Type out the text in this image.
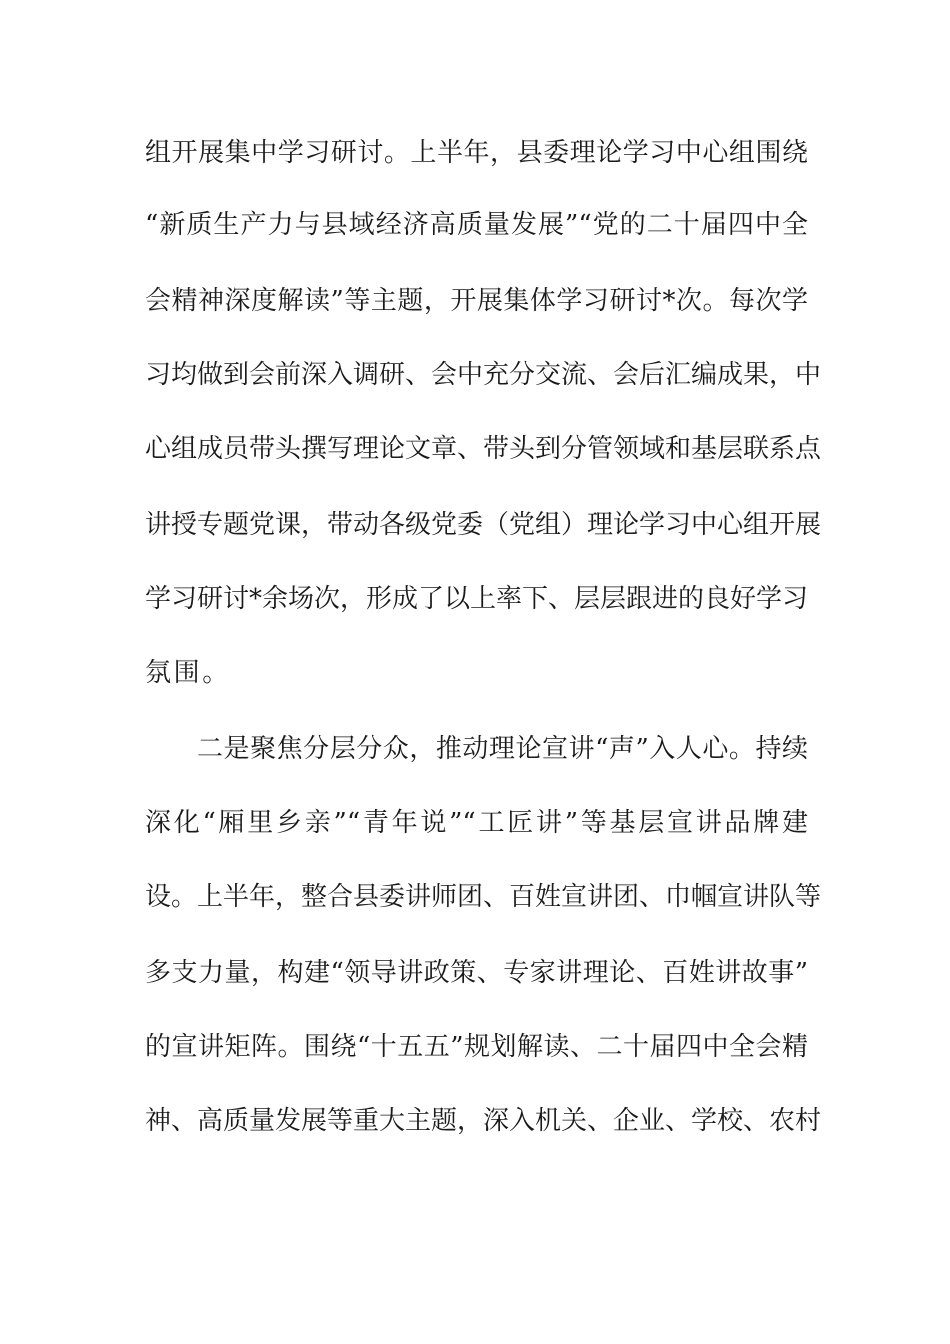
组开展集中学习研讨。上半年，县委理论学习中心组围绕
“新质生产力与县域经济高质量发展”“党的二十届四中全
会精神深度解读”等主题，开展集体学习研讨*次。每次学
习均做到会前深入调研、会中充分交流、会后汇编成果，中
心组成员带头撰写理论文章、带头到分管领域和基层联系点
讲授专题党课，带动各级党委（党组）理论学习中心组开展
学习研讨*余场次，形成了以上率下、层层跟进的良好学习
氛围。
二是聚焦分层分众，推动理论宣讲“声”入人心。持续
深化“厢里乡亲”“青年说”“工匠讲”等基层宣讲品牌建
设。上半年，整合县委讲师团、百姓宣讲团、巾帼宣讲队等
多支力量，构建“领导讲政策、专家讲理论、百姓讲故事”
的宣讲矩阵。围绕“十五五”规划解读、二十届四中全会精
神、高质量发展等重大主题，深入机关、企业、学校、农村
